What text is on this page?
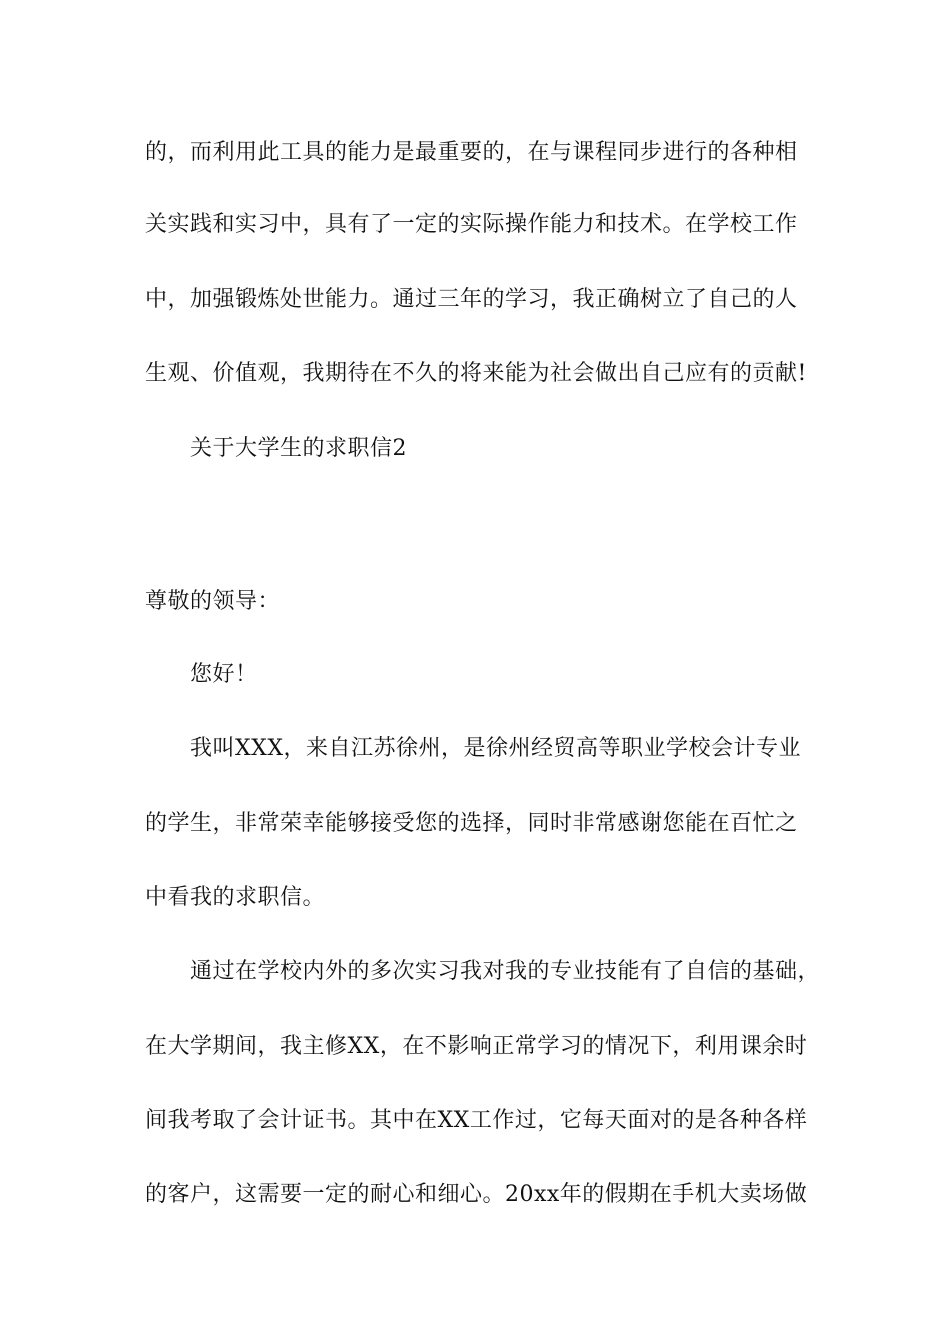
的，而利用此工具的能力是最重要的，在与课程同步进行的各种相
关实践和实习中，具有了一定的实际操作能力和技术。在学校工作
中，加强锻炼处世能力。通过三年的学习，我正确树立了自己的人
生观、价值观，我期待在不久的将来能为社会做出自己应有的贡献!
关于大学生的求职信2
尊敬的领导：
您好！
我叫XXX，来自江苏徐州，是徐州经贸高等职业学校会计专业
的学生，非常荣幸能够接受您的选择，同时非常感谢您能在百忙之
中看我的求职信。
通过在学校内外的多次实习我对我的专业技能有了自信的基础，
在大学期间，我主修XX，在不影响正常学习的情况下，利用课余时
间我考取了会计证书。其中在XX工作过，它每天面对的是各种各样
的客户，这需要一定的耐心和细心。20xx年的假期在手机大卖场做
